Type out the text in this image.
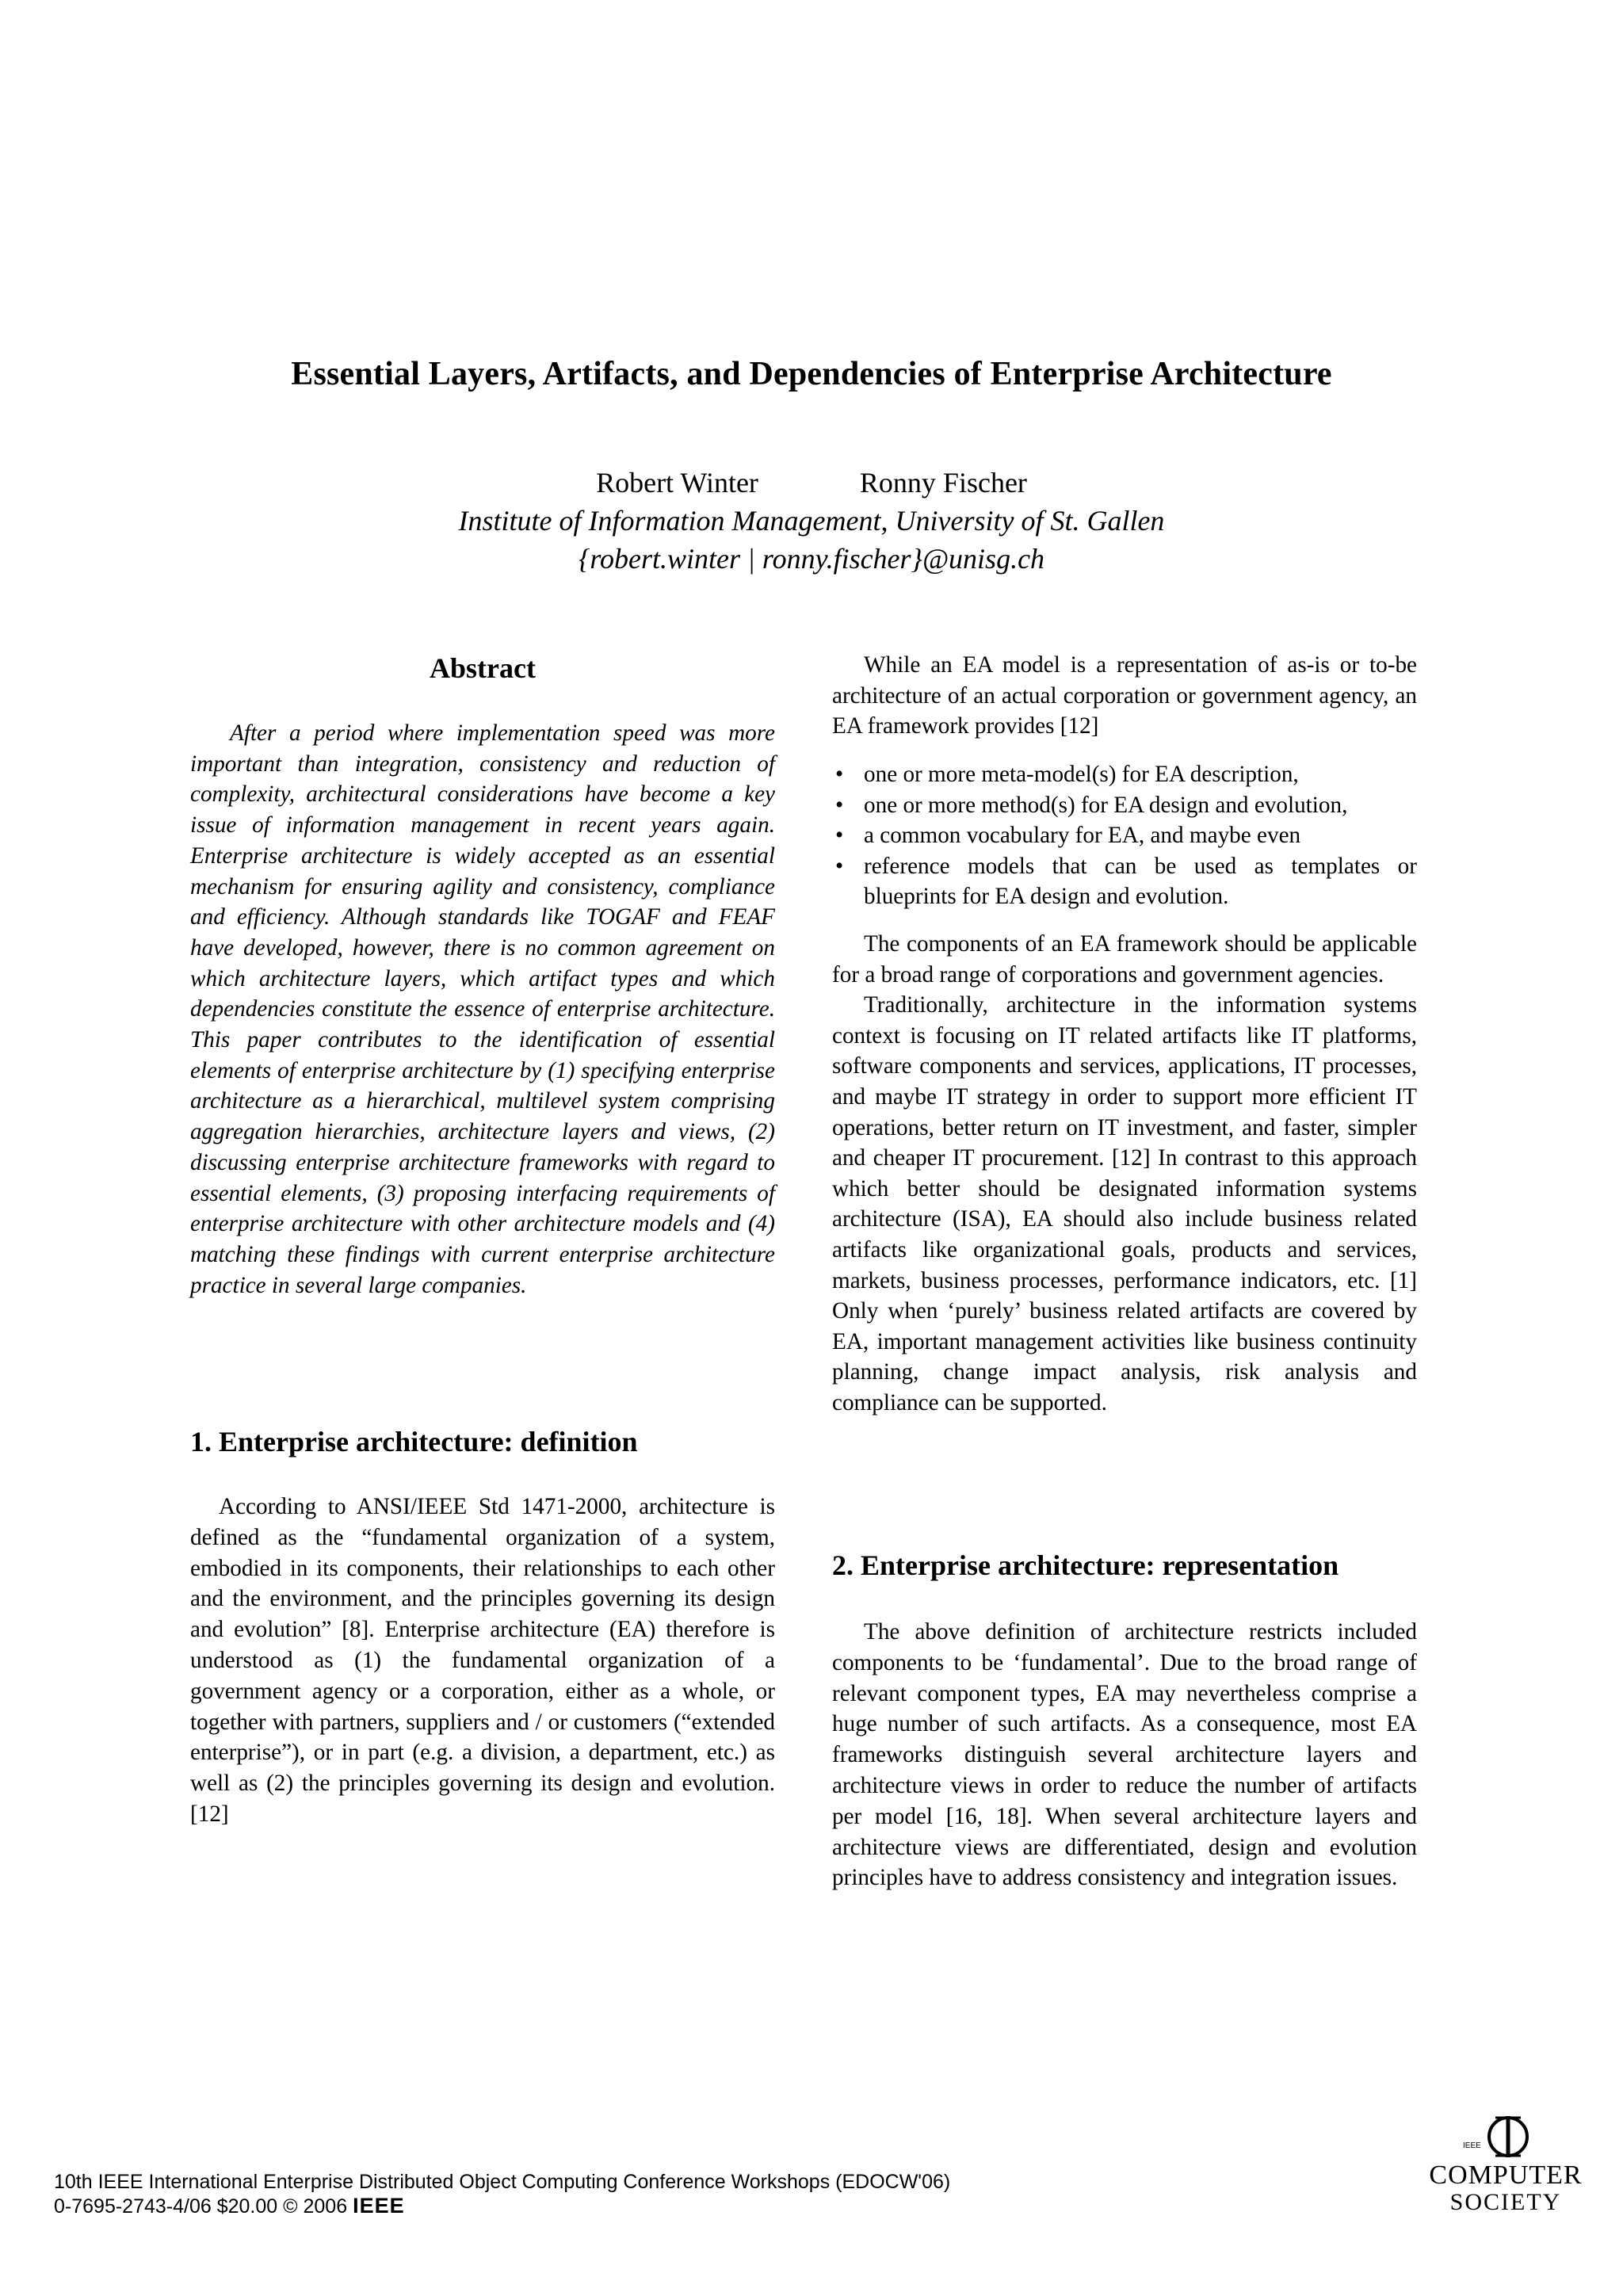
Essential Layers, Artifacts, and Dependencies of Enterprise Architecture
Robert Winter	Ronny Fischer
Institute of Information Management, University of St. Gallen
{robert.winter | ronny.fischer}@unisg.ch
Abstract

After a period where implementation speed was more important than integration, consistency and reduction of complexity, architectural considerations have become a key issue of information management in recent years again. Enterprise architecture is widely accepted as an essential mechanism for ensuring agility and consistency, compliance and efficiency. Although standards like TOGAF and FEAF have developed, however, there is no common agreement on which architecture layers, which artifact types and which dependencies constitute the essence of enterprise architecture. This paper contributes to the identification of essential elements of enterprise architecture by (1) specifying enterprise architecture as a hierarchical, multilevel system comprising aggregation hierarchies, architecture layers and views, (2) discussing enterprise architecture frameworks with regard to essential elements, (3) proposing interfacing requirements of enterprise architecture with other architecture models and (4) matching these findings with current enterprise architecture practice in several large companies.

1. Enterprise architecture: definition

According to ANSI/IEEE Std 1471-2000, architecture is defined as the “fundamental organization of a system, embodied in its components, their relationships to each other and the environment, and the principles governing its design and evolution” [8]. Enterprise architecture (EA) therefore is understood as (1) the fundamental organization of a government agency or a corporation, either as a whole, or together with partners, suppliers and / or customers (“extended enterprise”), or in part (e.g. a division, a department, etc.) as well as (2) the principles governing its design and evolution. [12]

While an EA model is a representation of as-is or to-be architecture of an actual corporation or government agency, an EA framework provides [12]

• one or more meta-model(s) for EA description,
• one or more method(s) for EA design and evolution,
• a common vocabulary for EA, and maybe even
• reference models that can be used as templates or blueprints for EA design and evolution.

The components of an EA framework should be applicable for a broad range of corporations and government agencies.

Traditionally, architecture in the information systems context is focusing on IT related artifacts like IT platforms, software components and services, applications, IT processes, and maybe IT strategy in order to support more efficient IT operations, better return on IT investment, and faster, simpler and cheaper IT procurement. [12] In contrast to this approach which better should be designated information systems architecture (ISA), EA should also include business related artifacts like organizational goals, products and services, markets, business processes, performance indicators, etc. [1] Only when ‘purely’ business related artifacts are covered by EA, important management activities like business continuity planning, change impact analysis, risk analysis and compliance can be supported.

2. Enterprise architecture: representation

The above definition of architecture restricts included components to be ‘fundamental’. Due to the broad range of relevant component types, EA may nevertheless comprise a huge number of such artifacts. As a consequence, most EA frameworks distinguish several architecture layers and architecture views in order to reduce the number of artifacts per model [16, 18]. When several architecture layers and architecture views are differentiated, design and evolution principles have to address consistency and integration issues.

10th IEEE International Enterprise Distributed Object Computing Conference Workshops (EDOCW'06)
0-7695-2743-4/06 $20.00 © 2006 IEEE
IEEE
COMPUTER
SOCIETY
